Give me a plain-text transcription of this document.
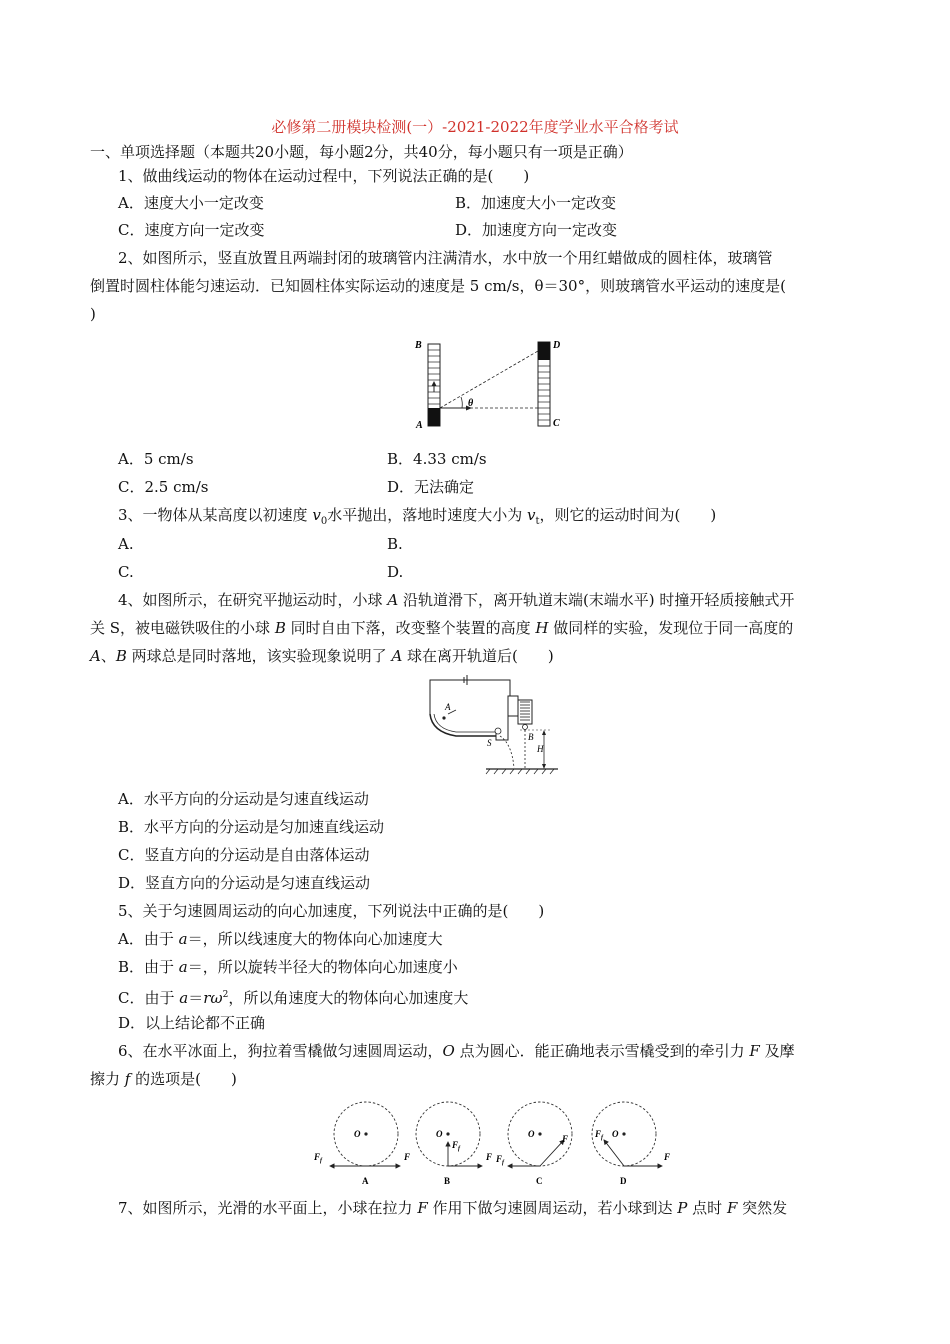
必修第二册模块检测(一）-2021-2022年度学业水平合格考试
一、单项选择题（本题共20小题，每小题2分，共40分，每小题只有一项是正确）
1、做曲线运动的物体在运动过程中，下列说法正确的是(　　)
A．速度大小一定改变	B．加速度大小一定改变
C．速度方向一定改变	D．加速度方向一定改变
2、如图所示，竖直放置且两端封闭的玻璃管内注满清水，水中放一个用红蜡做成的圆柱体，玻璃管
倒置时圆柱体能匀速运动．已知圆柱体实际运动的速度是 5 cm/s，θ＝30°，则玻璃管水平运动的速度是(
)
B
A
D
C
θ
A．5 cm/s	B．4.33 cm/s
C．2.5 cm/s	D．无法确定
3、一物体从某高度以初速度 $v_0$水平抛出，落地时速度大小为 $v_t$，则它的运动时间为(　　)
A.	B.
C.	D.
4、如图所示，在研究平抛运动时，小球 A 沿轨道滑下，离开轨道末端(末端水平) 时撞开轻质接触式开
关 S，被电磁铁吸住的小球 B 同时自由下落，改变整个装置的高度 H 做同样的实验，发现位于同一高度的
A、B 两球总是同时落地，该实验现象说明了 A 球在离开轨道后(　　)
A
S
B
H
A．水平方向的分运动是匀速直线运动
B．水平方向的分运动是匀加速直线运动
C．竖直方向的分运动是自由落体运动
D．竖直方向的分运动是匀速直线运动
5、关于匀速圆周运动的向心加速度，下列说法中正确的是(　　)
A．由于 a＝，所以线速度大的物体向心加速度大
B．由于 a＝，所以旋转半径大的物体向心加速度小
C．由于 $a=r\omega^2$，所以角速度大的物体向心加速度大
D．以上结论都不正确
6、在水平冰面上，狗拉着雪橇做匀速圆周运动，O 点为圆心．能正确地表示雪橇受到的牵引力 F 及摩
擦力 f 的选项是(　　)
O
F
$F_f$
A
O
F
$F_f$
B
O	F
$F_f$
C
O
F
$F_f$
D
7、如图所示，光滑的水平面上，小球在拉力 F 作用下做匀速圆周运动，若小球到达 P 点时 F 突然发
